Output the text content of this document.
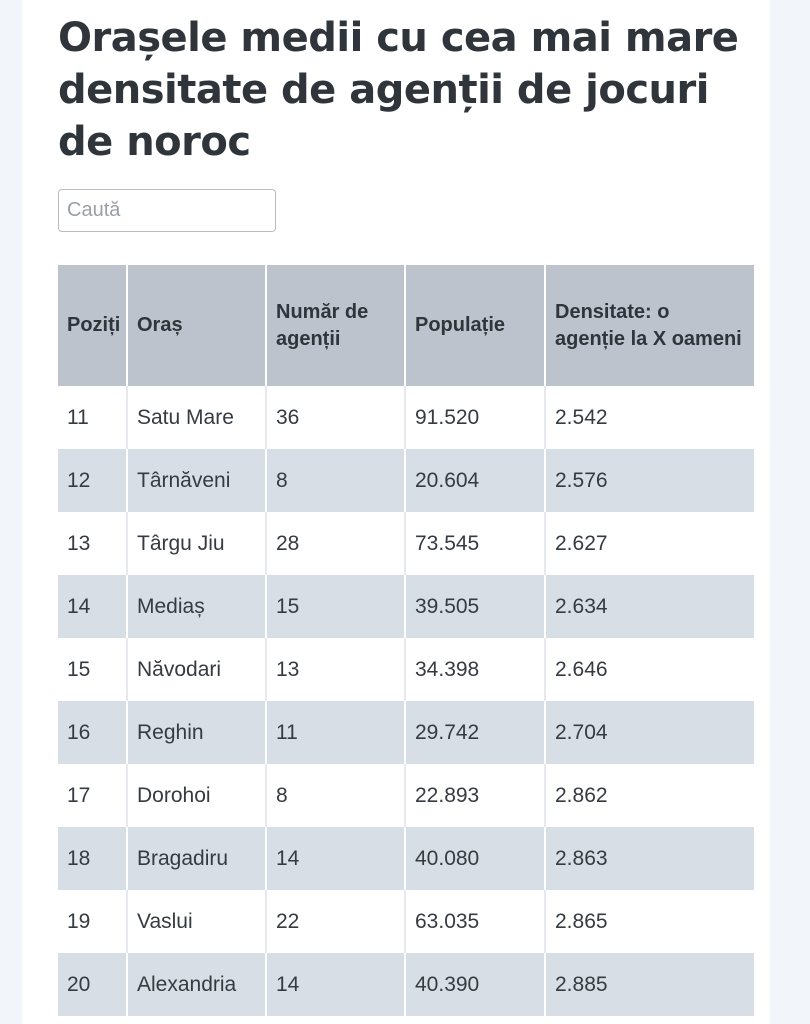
Orașele medii cu cea mai mare densitate de agenții de jocuri de noroc
Caută
Poziți	Oraș	Număr de agenții	Populație	Densitate: o agenție la X oameni
11	Satu Mare	36	91.520	2.542
12	Târnăveni	8	20.604	2.576
13	Târgu Jiu	28	73.545	2.627
14	Mediaș	15	39.505	2.634
15	Năvodari	13	34.398	2.646
16	Reghin	11	29.742	2.704
17	Dorohoi	8	22.893	2.862
18	Bragadiru	14	40.080	2.863
19	Vaslui	22	63.035	2.865
20	Alexandria	14	40.390	2.885
